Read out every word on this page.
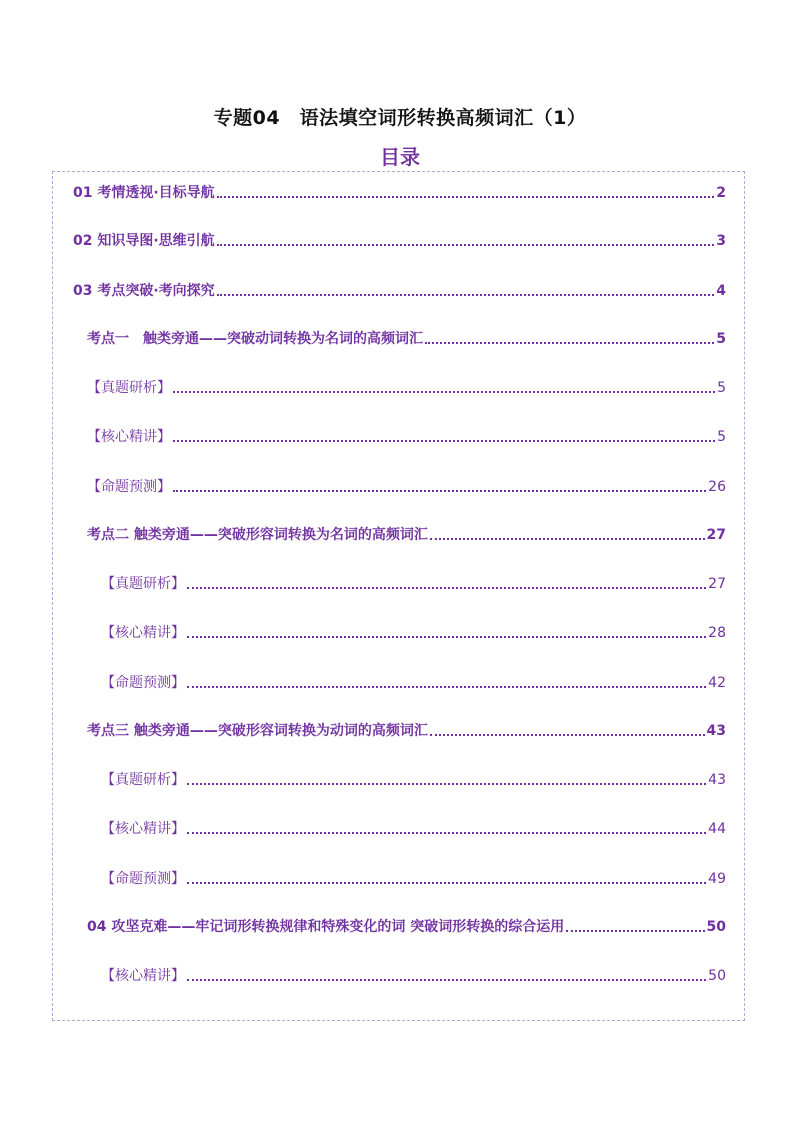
专题04　语法填空词形转换高频词汇（1）
目录
01 考情透视·目标导航	2
02 知识导图·思维引航	3
03 考点突破·考向探究	4
考点一　触类旁通——突破动词转换为名词的高频词汇	5
【真题研析】	5
【核心精讲】	5
【命题预测】	26
考点二 触类旁通——突破形容词转换为名词的高频词汇	27
【真题研析】	27
【核心精讲】	28
【命题预测】	42
考点三 触类旁通——突破形容词转换为动词的高频词汇	43
【真题研析】	43
【核心精讲】	44
【命题预测】	49
04 攻坚克难——牢记词形转换规律和特殊变化的词 突破词形转换的综合运用	50
【核心精讲】	50
